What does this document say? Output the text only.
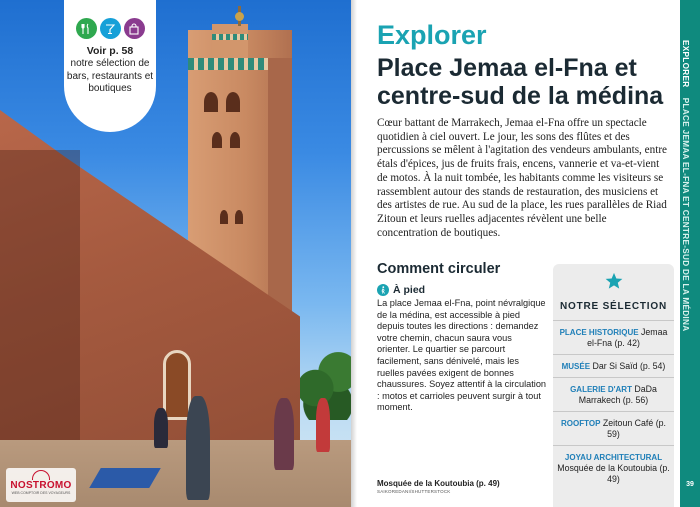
Voir p. 58
notre sélection de bars, restaurants et boutiques
NOSTROMO
WEB COMPTOIR DES VOYAGEURS
Explorer
Place Jemaa el-Fna et centre-sud de la médina

Cœur battant de Marrakech, Jemaa el-Fna offre un spectacle quotidien à ciel ouvert. Le jour, les sons des flûtes et des percussions se mêlent à l'agitation des vendeurs ambulants, entre étals d'épices, jus de fruits frais, encens, vannerie et va-et-vient de motos. À la nuit tombée, les habitants comme les visiteurs se rassemblent autour des stands de restauration, des musiciens et des artistes de rue. Au sud de la place, les rues parallèles de Riad Zitoun et leurs ruelles adjacentes révèlent une belle concentration de boutiques.

Comment circuler
À pied

La place Jemaa el-Fna, point névralgique de la médina, est accessible à pied depuis toutes les directions : demandez votre chemin, chacun saura vous orienter. Le quartier se parcourt facilement, sans dénivelé, mais les ruelles pavées exigent de bonnes chaussures. Soyez attentif à la circulation : motos et carrioles peuvent surgir à tout moment.

Mosquée de la Koutoubia (p. 49)
SAIKOREDANI/SHUTTERSTOCK
NOTRE SÉLECTION
PLACE HISTORIQUE Jemaa el-Fna (p. 42)
MUSÉE Dar Si Saïd (p. 54)
GALERIE D'ART DaDa Marrakech (p. 56)
ROOFTOP Zeitoun Café (p. 59)
JOYAU ARCHITECTURAL Mosquée de la Koutoubia (p. 49)
EXPLORER    PLACE JEMAA EL-FNA ET CENTRE-SUD DE LA MÉDINA
39
